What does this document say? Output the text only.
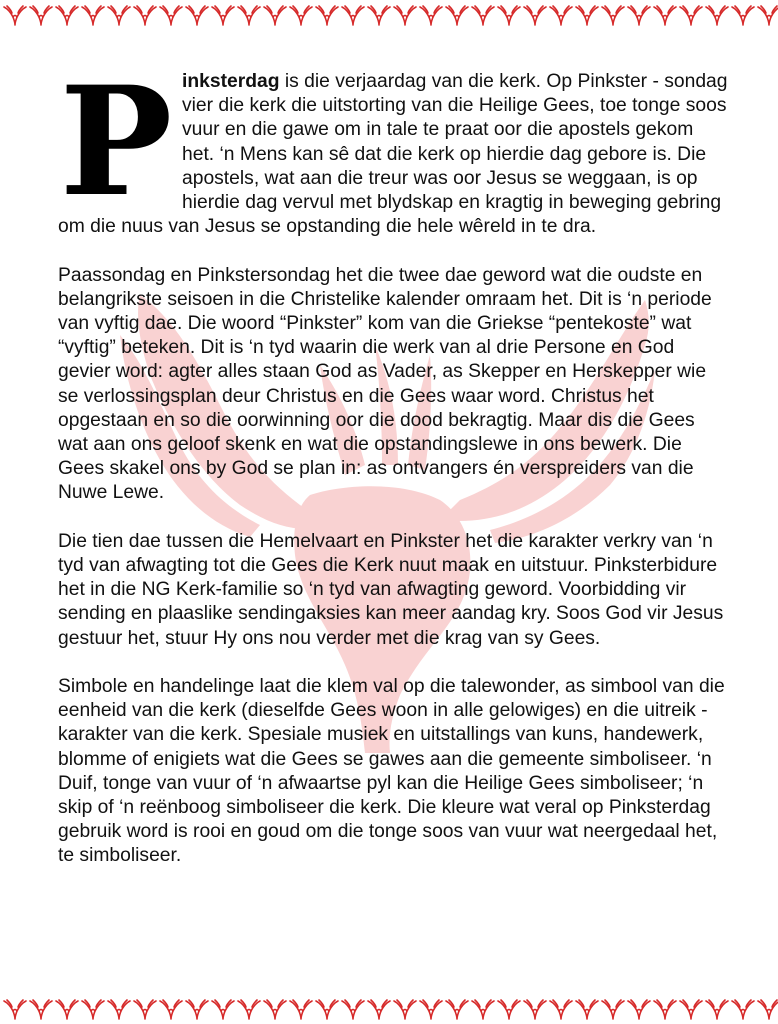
P inksterdag is die verjaardag van die kerk. Op Pinkster - sondag vier die kerk die uitstorting van die Heilige Gees, toe tonge soos vuur en die gawe om in tale te praat oor die apostels gekom het. ‘n Mens kan sê dat die kerk op hierdie dag gebore is. Die apostels, wat aan die treur was oor Jesus se weggaan, is op hierdie dag vervul met blydskap en kragtig in beweging gebring om die nuus van Jesus se opstanding die hele wêreld in te dra.

Paassondag en Pinkstersondag het die twee dae geword wat die oudste en belangrikste seisoen in die Christelike kalender omraam het. Dit is ‘n periode van vyftig dae. Die woord “Pinkster” kom van die Griekse “pentekoste” wat “vyftig” beteken. Dit is ‘n tyd waarin die werk van al drie Persone en God gevier word: agter alles staan God as Vader, as Skepper en Herskepper wie se verlossingsplan deur Christus en die Gees waar word. Christus het opgestaan en so die oorwinning oor die dood bekragtig. Maar dis die Gees wat aan ons geloof skenk en wat die opstandingslewe in ons bewerk. Die Gees skakel ons by God se plan in: as ontvangers én verspreiders van die Nuwe Lewe.

Die tien dae tussen die Hemelvaart en Pinkster het die karakter verkry van ‘n tyd van afwagting tot die Gees die Kerk nuut maak en uitstuur. Pinksterbidure het in die NG Kerk-familie so ‘n tyd van afwagting geword. Voorbidding vir sending en plaaslike sendingaksies kan meer aandag kry. Soos God vir Jesus gestuur het, stuur Hy ons nou verder met die krag van sy Gees.

Simbole en handelinge laat die klem val op die talewonder, as simbool van die eenheid van die kerk (dieselfde Gees woon in alle gelowiges) en die uitreik -karakter van die kerk. Spesiale musiek en uitstallings van kuns, handewerk, blomme of enigiets wat die Gees se gawes aan die gemeente simboliseer. ‘n Duif, tonge van vuur of ‘n afwaartse pyl kan die Heilige Gees simboliseer; ‘n skip of ‘n reënboog simboliseer die kerk. Die kleure wat veral op Pinksterdag gebruik word is rooi en goud om die tonge soos van vuur wat neergedaal het, te simboliseer.
